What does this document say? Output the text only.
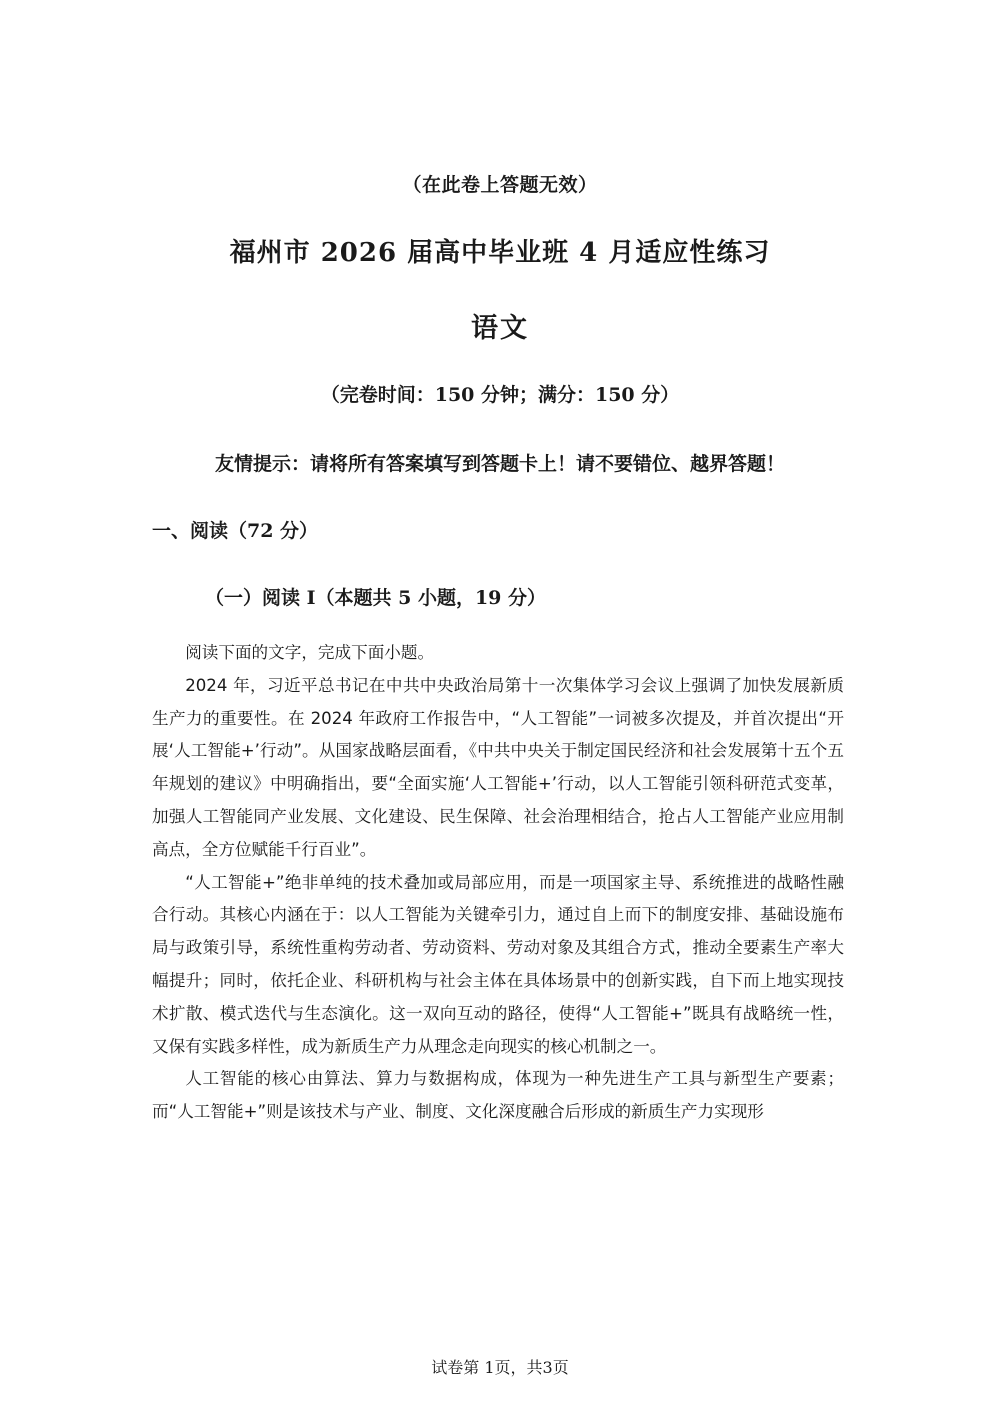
（在此卷上答题无效）
福州市 2026 届高中毕业班 4 月适应性练习
语文
（完卷时间：150 分钟；满分：150 分）
友情提示：请将所有答案填写到答题卡上！请不要错位、越界答题！
一、阅读（72 分）
（一）阅读 I（本题共 5 小题，19 分）

阅读下面的文字，完成下面小题。

2024 年，习近平总书记在中共中央政治局第十一次集体学习会议上强调了加快发展新质生产力的重要性。在 2024 年政府工作报告中，“人工智能”一词被多次提及，并首次提出“开展‘人工智能+’行动”。从国家战略层面看，《中共中央关于制定国民经济和社会发展第十五个五年规划的建议》中明确指出，要“全面实施‘人工智能+’行动，以人工智能引领科研范式变革，加强人工智能同产业发展、文化建设、民生保障、社会治理相结合，抢占人工智能产业应用制高点，全方位赋能千行百业”。

“人工智能+”绝非单纯的技术叠加或局部应用，而是一项国家主导、系统推进的战略性融合行动。其核心内涵在于：以人工智能为关键牵引力，通过自上而下的制度安排、基础设施布局与政策引导，系统性重构劳动者、劳动资料、劳动对象及其组合方式，推动全要素生产率大幅提升；同时，依托企业、科研机构与社会主体在具体场景中的创新实践，自下而上地实现技术扩散、模式迭代与生态演化。这一双向互动的路径，使得“人工智能+”既具有战略统一性，又保有实践多样性，成为新质生产力从理念走向现实的核心机制之一。

人工智能的核心由算法、算力与数据构成，体现为一种先进生产工具与新型生产要素；而“人工智能+”则是该技术与产业、制度、文化深度融合后形成的新质生产力实现形

试卷第 1页，共3页
